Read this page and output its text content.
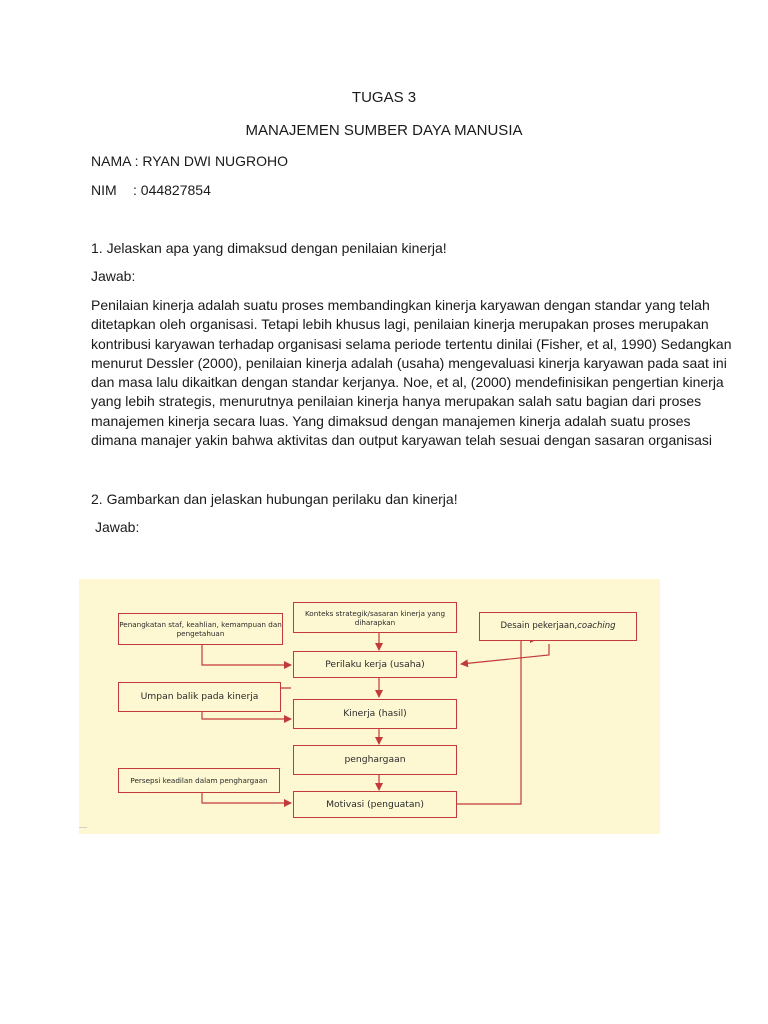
TUGAS 3
MANAJEMEN SUMBER DAYA MANUSIA
NAMA : RYAN DWI NUGROHO
NIM : 044827854
1. Jelaskan apa yang dimaksud dengan penilaian kinerja!
Jawab:
Penilaian kinerja adalah suatu proses membandingkan kinerja karyawan dengan standar yang telah
ditetapkan oleh organisasi. Tetapi lebih khusus lagi, penilaian kinerja merupakan proses merupakan
kontribusi karyawan terhadap organisasi selama periode tertentu dinilai (Fisher, et al, 1990) Sedangkan
menurut Dessler (2000), penilaian kinerja adalah (usaha) mengevaluasi kinerja karyawan pada saat ini
dan masa lalu dikaitkan dengan standar kerjanya. Noe, et al, (2000) mendefinisikan pengertian kinerja
yang lebih strategis, menurutnya penilaian kinerja hanya merupakan salah satu bagian dari proses
manajemen kinerja secara luas. Yang dimaksud dengan manajemen kinerja adalah suatu proses
dimana manajer yakin bahwa aktivitas dan output karyawan telah sesuai dengan sasaran organisasi
2. Gambarkan dan jelaskan hubungan perilaku dan kinerja!
Jawab:
Penangkatan staf, keahlian, kemampuan dan pengetahuan
Konteks strategik/sasaran kinerja yang diharapkan	Desain pekerjaan, coaching
Perilaku kerja (usaha)
Umpan balik pada kinerja
Kinerja (hasil)
penghargaan
Persepsi keadilan dalam penghargaan
Motivasi (penguatan)
